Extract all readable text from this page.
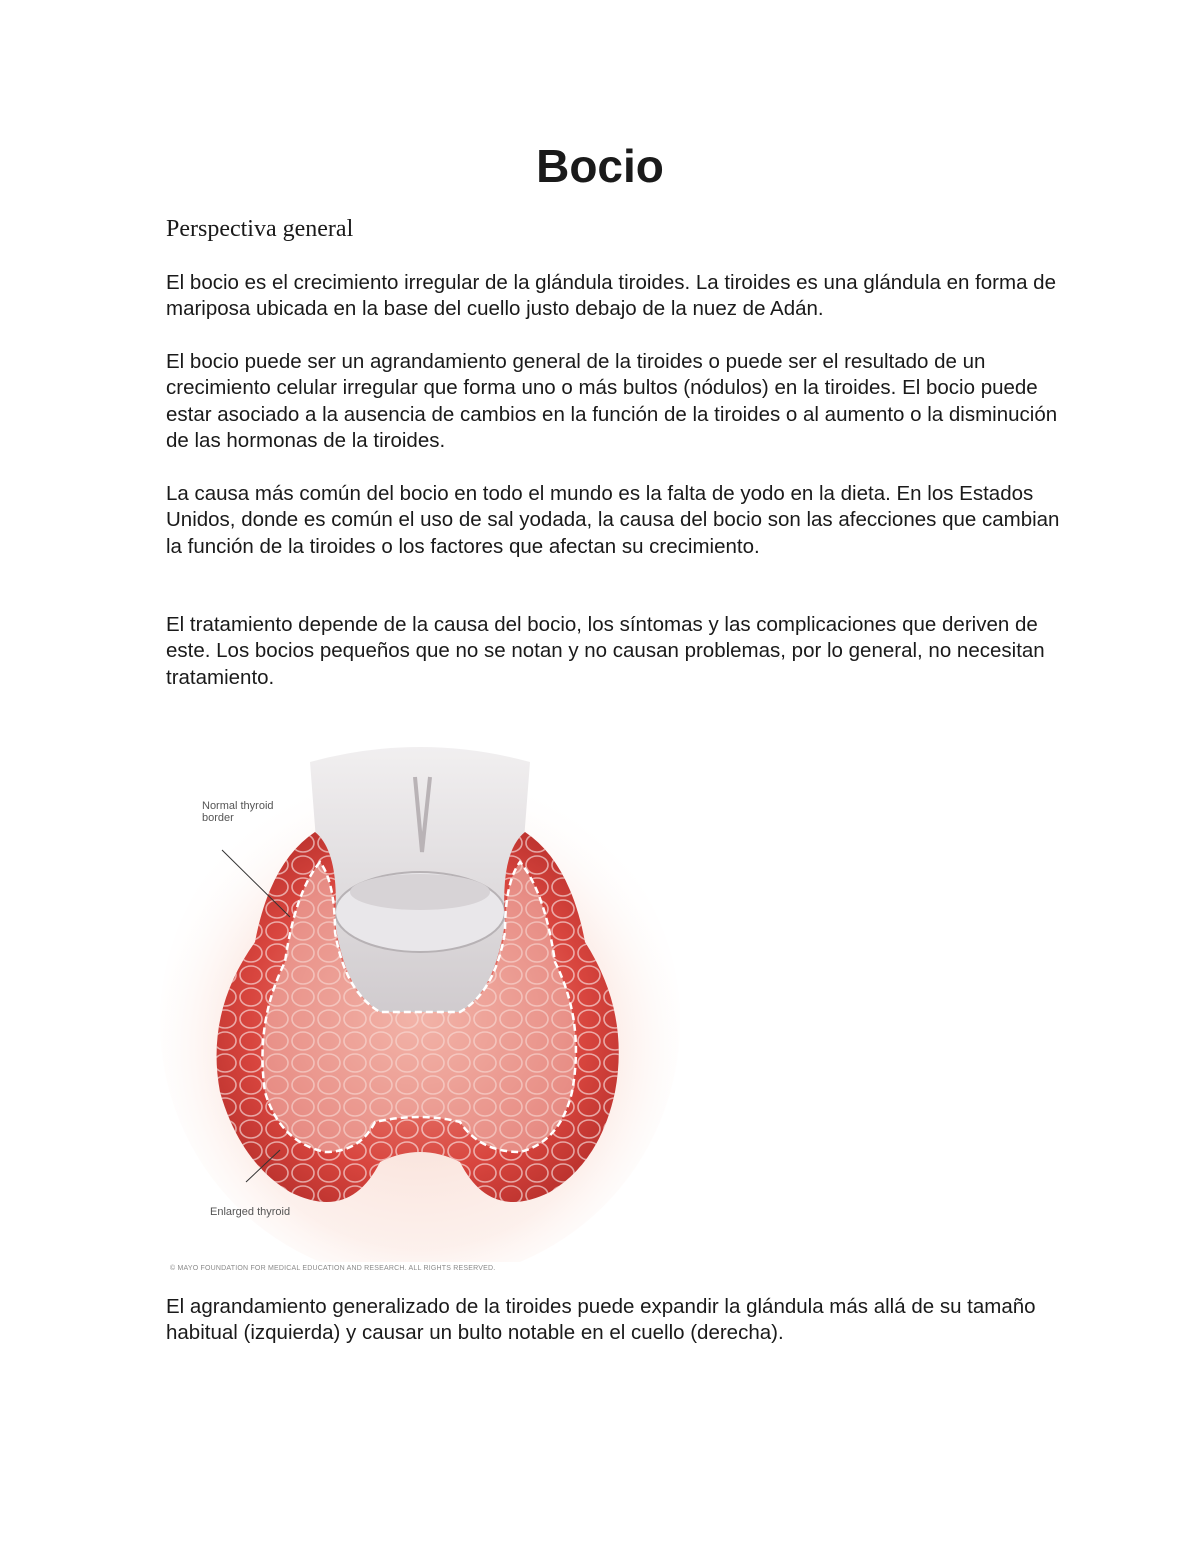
Bocio
Perspectiva general

El bocio es el crecimiento irregular de la glándula tiroides. La tiroides es una glándula en forma de mariposa ubicada en la base del cuello justo debajo de la nuez de Adán.

El bocio puede ser un agrandamiento general de la tiroides o puede ser el resultado de un crecimiento celular irregular que forma uno o más bultos (nódulos) en la tiroides. El bocio puede estar asociado a la ausencia de cambios en la función de la tiroides o al aumento o la disminución de las hormonas de la tiroides.

La causa más común del bocio en todo el mundo es la falta de yodo en la dieta. En los Estados Unidos, donde es común el uso de sal yodada, la causa del bocio son las afecciones que cambian la función de la tiroides o los factores que afectan su crecimiento.

El tratamiento depende de la causa del bocio, los síntomas y las complicaciones que deriven de este. Los bocios pequeños que no se notan y no causan problemas, por lo general, no necesitan tratamiento.

Normal thyroid
border
Enlarged thyroid
© MAYO FOUNDATION FOR MEDICAL EDUCATION AND RESEARCH. ALL RIGHTS RESERVED.

El agrandamiento generalizado de la tiroides puede expandir la glándula más allá de su tamaño habitual (izquierda) y causar un bulto notable en el cuello (derecha).
